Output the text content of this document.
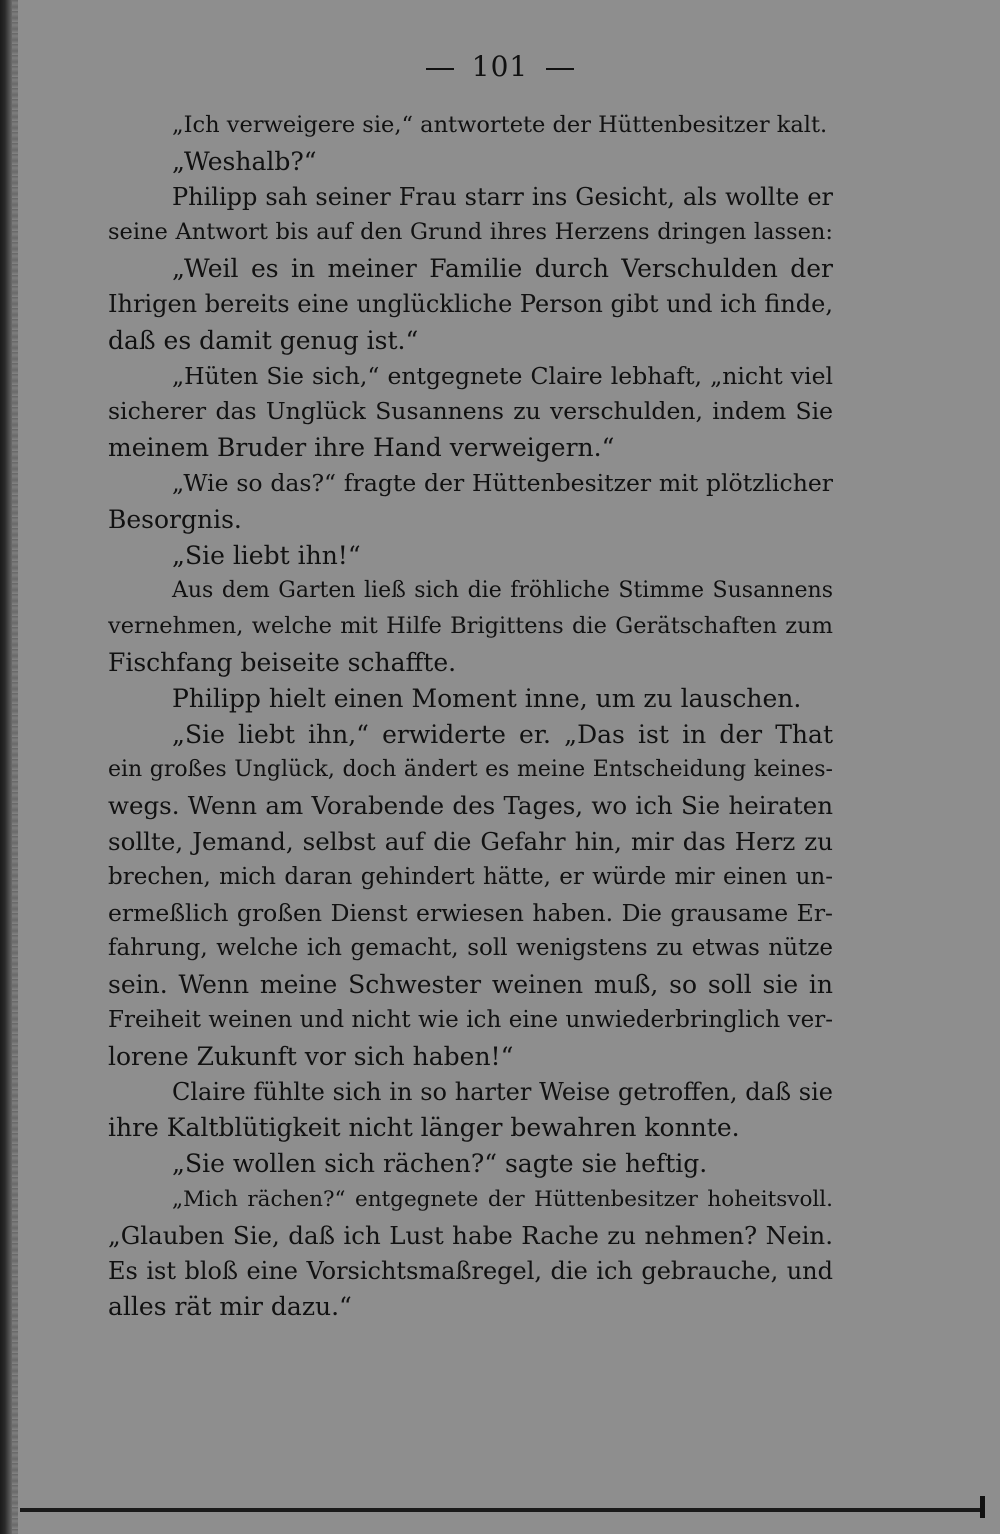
101
„Ich verweigere sie,“ antwortete der Hüttenbesitzer kalt.
„Weshalb?“
Philipp sah seiner Frau starr ins Gesicht, als wollte er
seine Antwort bis auf den Grund ihres Herzens dringen lassen:
„Weil es in meiner Familie durch Verschulden der
Ihrigen bereits eine unglückliche Person gibt und ich finde,
daß es damit genug ist.“
„Hüten Sie sich,“ entgegnete Claire lebhaft, „nicht viel
sicherer das Unglück Susannens zu verschulden, indem Sie
meinem Bruder ihre Hand verweigern.“
„Wie so das?“ fragte der Hüttenbesitzer mit plötzlicher
Besorgnis.
„Sie liebt ihn!“
Aus dem Garten ließ sich die fröhliche Stimme Susannens
vernehmen, welche mit Hilfe Brigittens die Gerätschaften zum
Fischfang beiseite schaffte.
Philipp hielt einen Moment inne, um zu lauschen.
„Sie liebt ihn,“ erwiderte er. „Das ist in der That
ein großes Unglück, doch ändert es meine Entscheidung keines-
wegs. Wenn am Vorabende des Tages, wo ich Sie heiraten
sollte, Jemand, selbst auf die Gefahr hin, mir das Herz zu
brechen, mich daran gehindert hätte, er würde mir einen un-
ermeßlich großen Dienst erwiesen haben. Die grausame Er-
fahrung, welche ich gemacht, soll wenigstens zu etwas nütze
sein. Wenn meine Schwester weinen muß, so soll sie in
Freiheit weinen und nicht wie ich eine unwiederbringlich ver-
lorene Zukunft vor sich haben!“
Claire fühlte sich in so harter Weise getroffen, daß sie
ihre Kaltblütigkeit nicht länger bewahren konnte.
„Sie wollen sich rächen?“ sagte sie heftig.
„Mich rächen?“ entgegnete der Hüttenbesitzer hoheitsvoll.
„Glauben Sie, daß ich Lust habe Rache zu nehmen? Nein.
Es ist bloß eine Vorsichtsmaßregel, die ich gebrauche, und
alles rät mir dazu.“
